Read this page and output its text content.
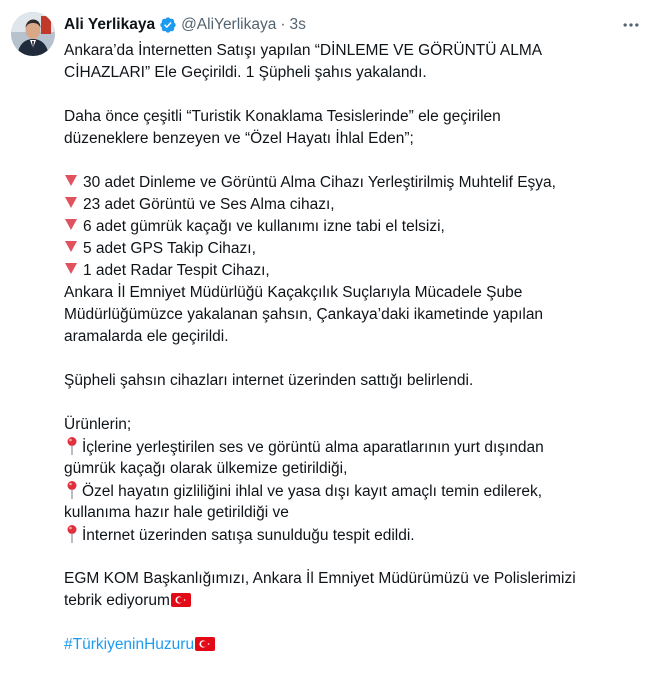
Ali Yerlikaya @AliYerlikaya · 3s
Ankara’da İnternetten Satışı yapılan “DİNLEME VE GÖRÜNTÜ ALMA
CİHAZLARI” Ele Geçirildi. 1 Şüpheli şahıs yakalandı.
Daha önce çeşitli “Turistik Konaklama Tesislerinde” ele geçirilen
düzeneklere benzeyen ve “Özel Hayatı İhlal Eden”;
30 adet Dinleme ve Görüntü Alma Cihazı Yerleştirilmiş Muhtelif Eşya,
23 adet Görüntü ve Ses Alma cihazı,
6 adet gümrük kaçağı ve kullanımı izne tabi el telsizi,
5 adet GPS Takip Cihazı,
1 adet Radar Tespit Cihazı,
Ankara İl Emniyet Müdürlüğü Kaçakçılık Suçlarıyla Mücadele Şube
Müdürlüğümüzce yakalanan şahsın, Çankaya’daki ikametinde yapılan
aramalarda ele geçirildi.
Şüpheli şahsın cihazları internet üzerinden sattığı belirlendi.
Ürünlerin;
İçlerine yerleştirilen ses ve görüntü alma aparatlarının yurt dışından
gümrük kaçağı olarak ülkemize getirildiği,
Özel hayatın gizliliğini ihlal ve yasa dışı kayıt amaçlı temin edilerek,
kullanıma hazır hale getirildiği ve
İnternet üzerinden satışa sunulduğu tespit edildi.
EGM KOM Başkanlığımızı, Ankara İl Emniyet Müdürümüzü ve Polislerimizi
tebrik ediyorum
#TürkiyeninHuzuru
